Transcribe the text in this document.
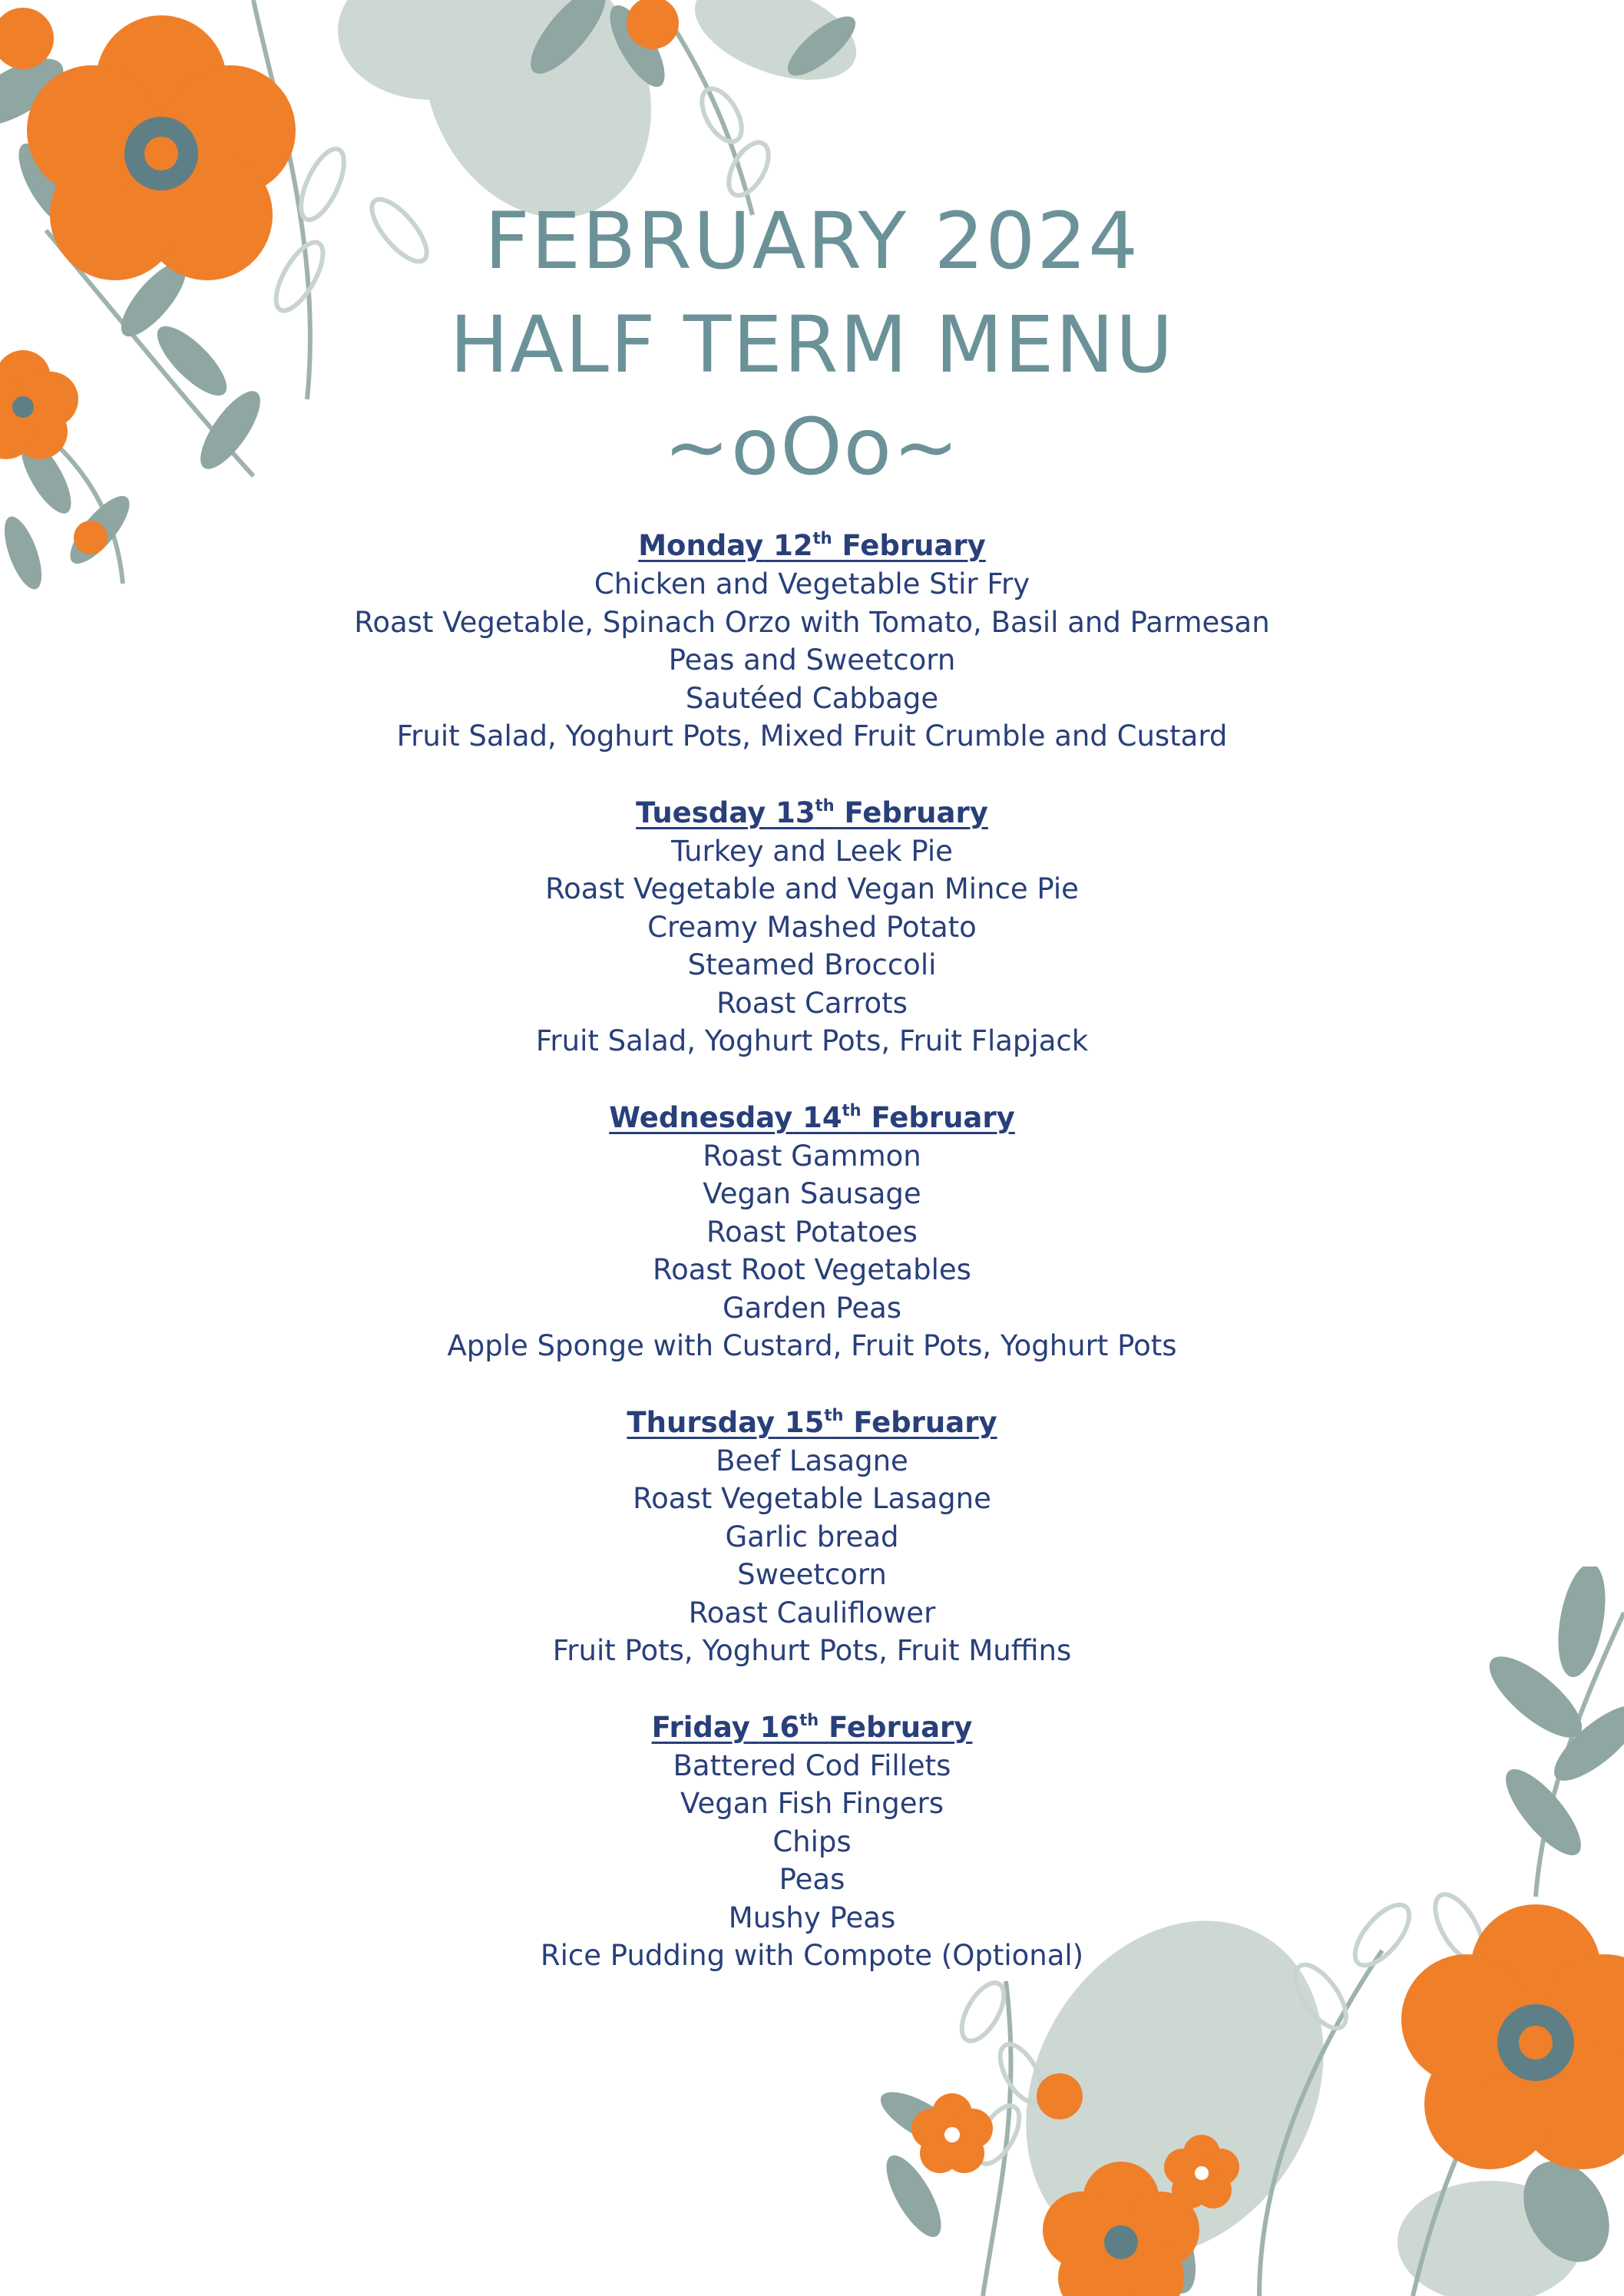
FEBRUARY 2024
HALF TERM MENU
~oOo~
Monday 12th February
Chicken and Vegetable Stir Fry
Roast Vegetable, Spinach Orzo with Tomato, Basil and Parmesan
Peas and Sweetcorn
Sautéed Cabbage
Fruit Salad, Yoghurt Pots, Mixed Fruit Crumble and Custard
Tuesday 13th February
Turkey and Leek Pie
Roast Vegetable and Vegan Mince Pie
Creamy Mashed Potato
Steamed Broccoli
Roast Carrots
Fruit Salad, Yoghurt Pots, Fruit Flapjack
Wednesday 14th February
Roast Gammon
Vegan Sausage
Roast Potatoes
Roast Root Vegetables
Garden Peas
Apple Sponge with Custard, Fruit Pots, Yoghurt Pots
Thursday 15th February
Beef Lasagne
Roast Vegetable Lasagne
Garlic bread
Sweetcorn
Roast Cauliflower
Fruit Pots, Yoghurt Pots, Fruit Muffins
Friday 16th February
Battered Cod Fillets
Vegan Fish Fingers
Chips
Peas
Mushy Peas
Rice Pudding with Compote (Optional)
